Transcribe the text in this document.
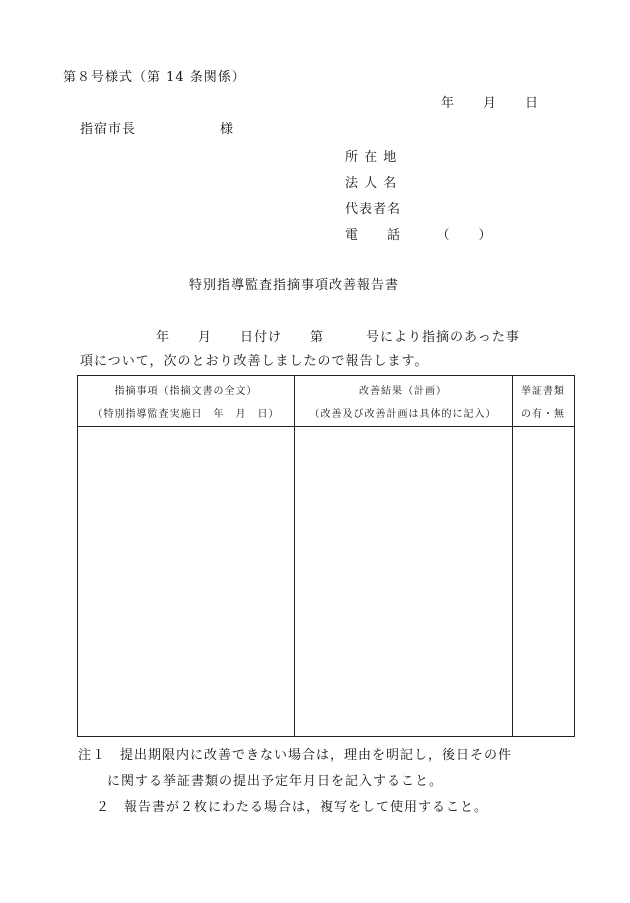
第８号様式（第 14 条関係）
年　　月　　日
指宿市長　　　　　　様
所 在 地
法 人 名
代表者名
電　　話　　　（　　）
特別指導監査指摘事項改善報告書
年　　月　　日付け　　第　　　号により指摘のあった事
項について，次のとおり改善しましたので報告します。
指摘事項（指摘文書の全文）
（特別指導監査実施日　年　月　日）
改善結果（計画）
（改善及び改善計画は具体的に記入）
挙証書類
の有・無
注１　提出期限内に改善できない場合は，理由を明記し，後日その件
に関する挙証書類の提出予定年月日を記入すること。
２　報告書が２枚にわたる場合は，複写をして使用すること。
